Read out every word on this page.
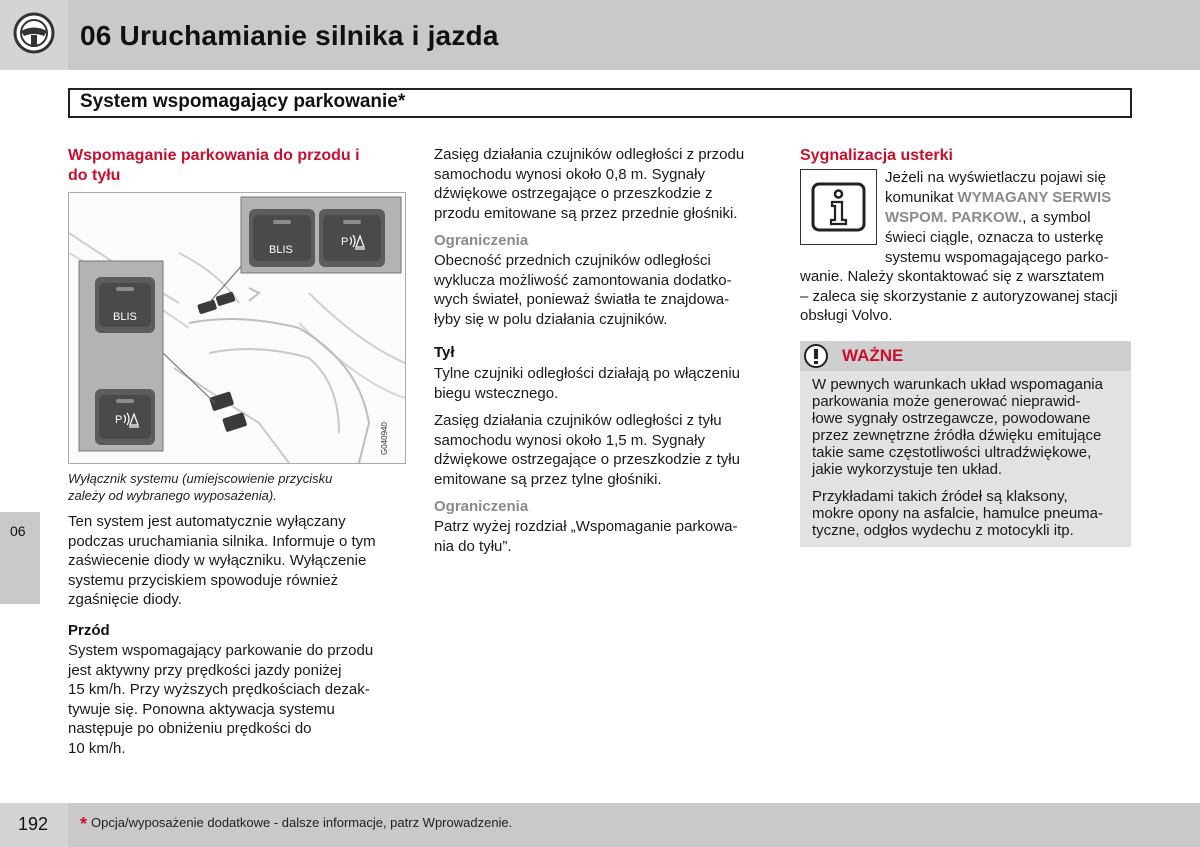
06 Uruchamianie silnika i jazda
System wspomagający parkowanie*
06
Wspomaganie parkowania do przodu i
do tyłu
BLIS
P
BLIS
P
G040940
Wyłącznik systemu (umiejscowienie przycisku
zależy od wybranego wyposażenia).
Ten system jest automatycznie wyłączany
podczas uruchamiania silnika. Informuje o tym
zaświecenie diody w wyłączniku. Wyłączenie
systemu przyciskiem spowoduje również
zgaśnięcie diody.
Przód
System wspomagający parkowanie do przodu
jest aktywny przy prędkości jazdy poniżej
15 km/h. Przy wyższych prędkościach dezak-
tywuje się. Ponowna aktywacja systemu
następuje po obniżeniu prędkości do
10 km/h.
Zasięg działania czujników odległości z przodu
samochodu wynosi około 0,8 m. Sygnały
dźwiękowe ostrzegające o przeszkodzie z
przodu emitowane są przez przednie głośniki.
Ograniczenia
Obecność przednich czujników odległości
wyklucza możliwość zamontowania dodatko-
wych świateł, ponieważ światła te znajdowa-
łyby się w polu działania czujników.
Tył
Tylne czujniki odległości działają po włączeniu
biegu wstecznego.
Zasięg działania czujników odległości z tyłu
samochodu wynosi około 1,5 m. Sygnały
dźwiękowe ostrzegające o przeszkodzie z tyłu
emitowane są przez tylne głośniki.
Ograniczenia
Patrz wyżej rozdział „Wspomaganie parkowa-
nia do tyłu”.
Sygnalizacja usterki
Jeżeli na wyświetlaczu pojawi się
komunikat WYMAGANY SERWIS
WSPOM. PARKOW., a symbol
świeci ciągle, oznacza to usterkę
systemu wspomagającego parko-
wanie. Należy skontaktować się z warsztatem
– zaleca się skorzystanie z autoryzowanej stacji
obsługi Volvo.
WAŻNE
W pewnych warunkach układ wspomagania
parkowania może generować nieprawid-
łowe sygnały ostrzegawcze, powodowane
przez zewnętrzne źródła dźwięku emitujące
takie same częstotliwości ultradźwiękowe,
jakie wykorzystuje ten układ.
Przykładami takich źródeł są klaksony,
mokre opony na asfalcie, hamulce pneuma-
tyczne, odgłos wydechu z motocykli itp.
192 * Opcja/wyposażenie dodatkowe - dalsze informacje, patrz Wprowadzenie.
